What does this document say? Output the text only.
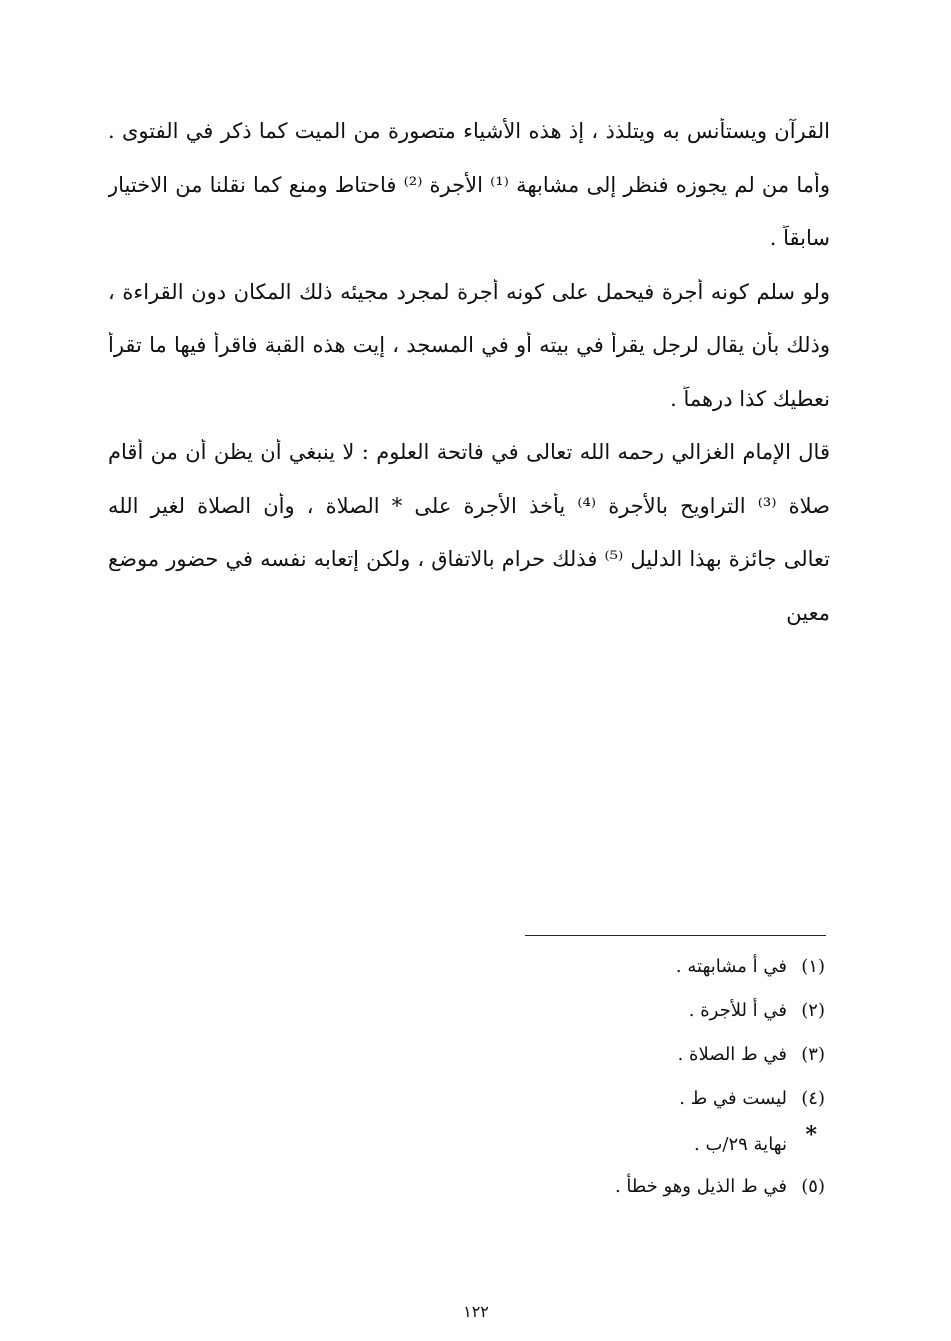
القرآن ويستأنس به ويتلذذ ، إذ هذه الأشياء متصورة من الميت كما ذكر في الفتوى .
وأما من لم يجوزه فنظر إلى مشابهة ⁽¹⁾ الأجرة ⁽²⁾ فاحتاط ومنع كما نقلنا من الاختيار
سابقاً .
ولو سلم كونه أجرة فيحمل على كونه أجرة لمجرد مجيئه ذلك المكان دون القراءة ،
وذلك بأن يقال لرجل يقرأ في بيته أو في المسجد ، إيت هذه القبة فاقرأ فيها ما تقرأ
نعطيك كذا درهماً .
قال الإمام الغزالي رحمه الله تعالى في فاتحة العلوم : لا ينبغي أن يظن أن من أقام
صلاة ⁽³⁾ التراويح بالأجرة ⁽⁴⁾ يأخذ الأجرة على * الصلاة ، وأن الصلاة لغير الله
تعالى جائزة بهذا الدليل ⁽⁵⁾ فذلك حرام بالاتفاق ، ولكن إتعابه نفسه في حضور موضع
معين
(١)
في أ مشابهته .
(٢)
في أ للأجرة .
(٣)
في ط الصلاة .
(٤)
ليست في ط .
*
نهاية ٢٩/ب .
(٥)
في ط الذيل وهو خطأ .
١٢٢
